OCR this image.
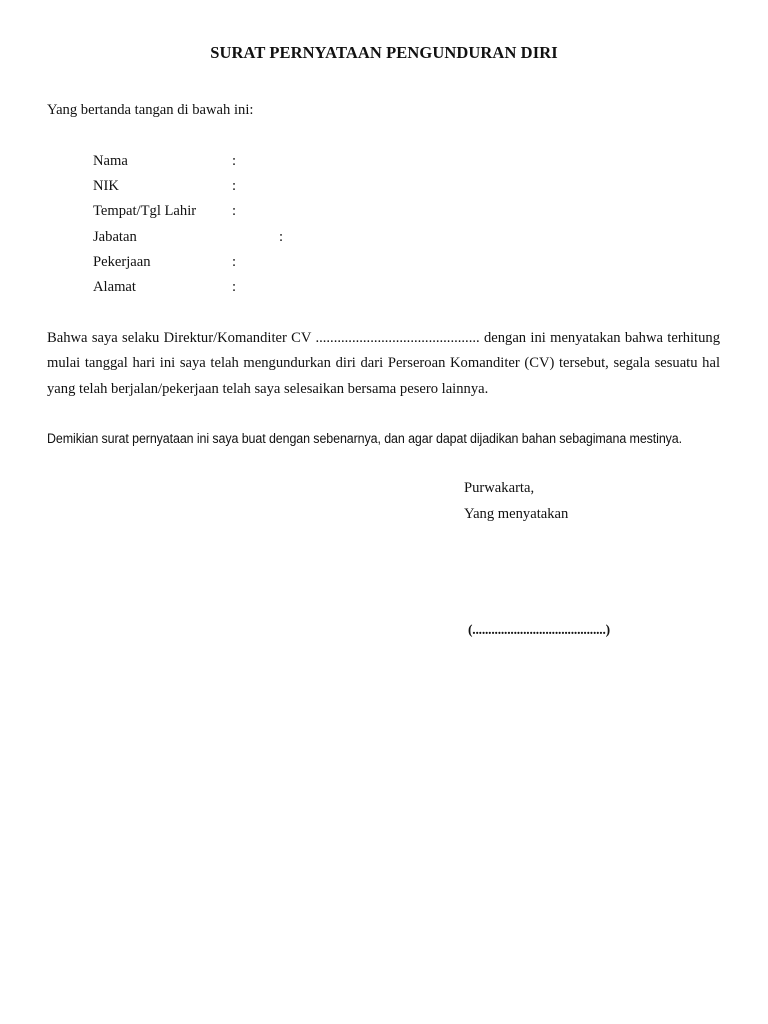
SURAT PERNYATAAN PENGUNDURAN DIRI
Yang bertanda tangan di bawah ini:
Nama	:
NIK	:
Tempat/Tgl Lahir :
Jabatan	:
Pekerjaan	:
Alamat	:
Bahwa saya selaku Direktur/Komanditer CV ............................................. dengan ini menyatakan bahwa terhitung mulai tanggal hari ini saya telah mengundurkan diri dari Perseroan Komanditer (CV) tersebut, segala sesuatu hal yang telah berjalan/pekerjaan telah saya selesaikan bersama pesero lainnya.
Demikian surat pernyataan ini saya buat dengan sebenarnya, dan agar dapat dijadikan bahan sebagimana mestinya.
Purwakarta,
Yang menyatakan
(..........................................)
